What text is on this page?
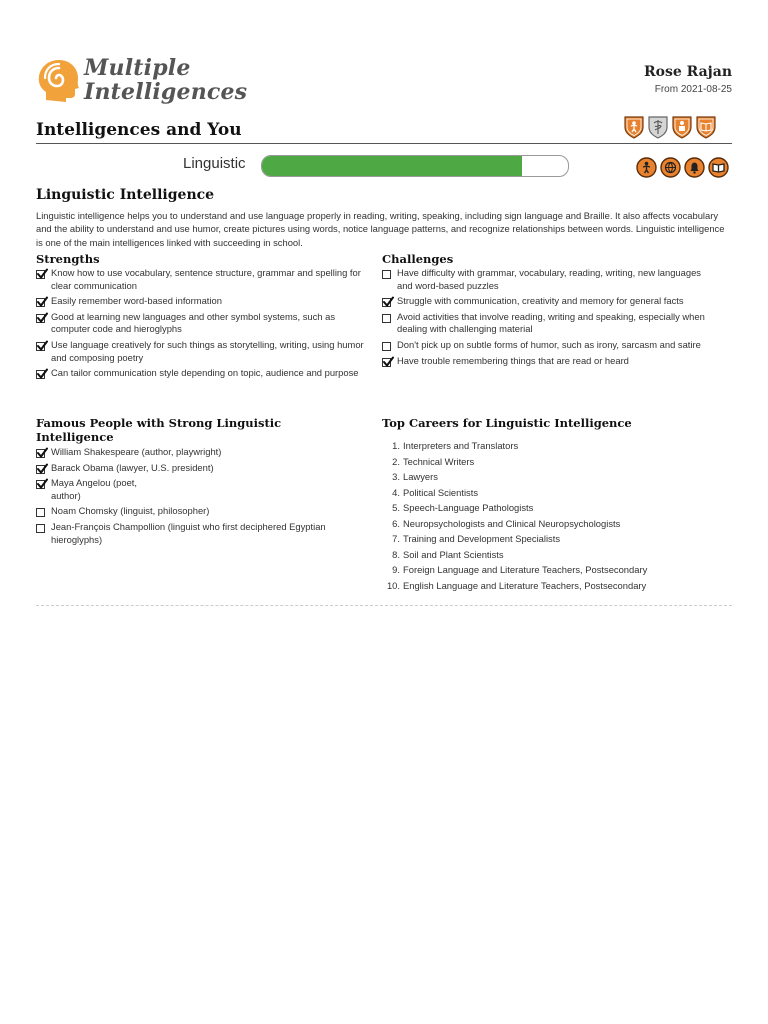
Multiple
Intelligences
Rose Rajan
From 2021-08-25
Intelligences and You
Linguistic
Linguistic Intelligence
Linguistic intelligence helps you to understand and use language properly in reading, writing, speaking, including sign language and Braille. It also affects vocabulary and the ability to understand and use humor, create pictures using words, notice language patterns, and recognize relationships between words. Linguistic intelligence is one of the main intelligences linked with succeeding in school.
Strengths
Know how to use vocabulary, sentence structure, grammar and spelling for clear communication
Easily remember word-based information
Good at learning new languages and other symbol systems, such as computer code and hieroglyphs
Use language creatively for such things as storytelling, writing, using humor and composing poetry
Can tailor communication style depending on topic, audience and purpose
Challenges
Have difficulty with grammar, vocabulary, reading, writing, new languages and word-based puzzles
Struggle with communication, creativity and memory for general facts
Avoid activities that involve reading, writing and speaking, especially when dealing with challenging material
Don't pick up on subtle forms of humor, such as irony, sarcasm and satire
Have trouble remembering things that are read or heard
Famous People with Strong Linguistic
Intelligence
William Shakespeare (author, playwright)
Barack Obama (lawyer, U.S. president)
Maya Angelou (poet, author)
Noam Chomsky (linguist, philosopher)
Jean-François Champollion (linguist who first deciphered Egyptian hieroglyphs)
Top Careers for Linguistic Intelligence
1. Interpreters and Translators
2. Technical Writers
3. Lawyers
4. Political Scientists
5. Speech-Language Pathologists
6. Neuropsychologists and Clinical Neuropsychologists
7. Training and Development Specialists
8. Soil and Plant Scientists
9. Foreign Language and Literature Teachers, Postsecondary
10. English Language and Literature Teachers, Postsecondary
